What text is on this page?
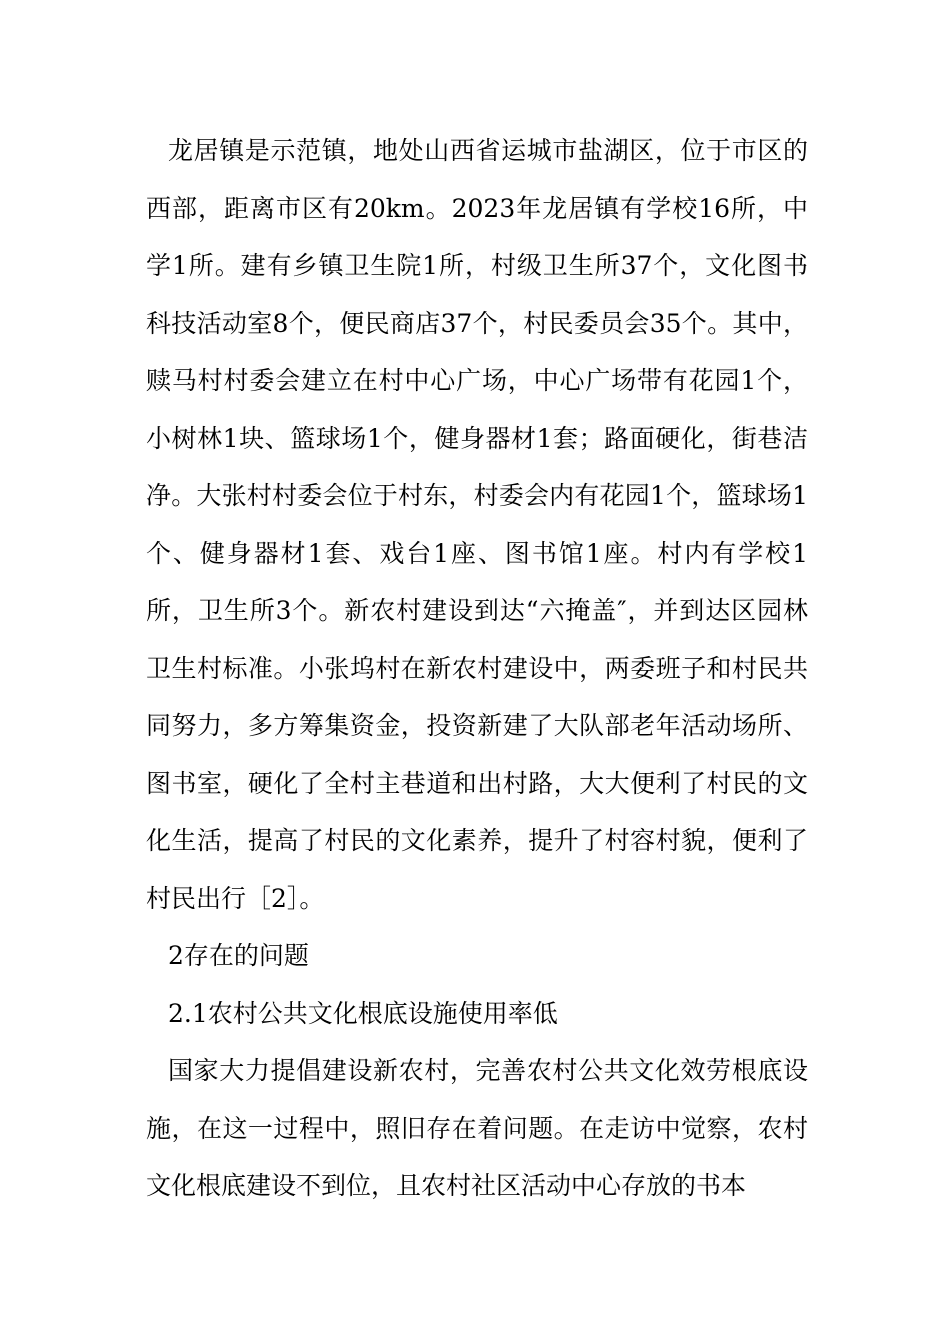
龙居镇是示范镇，地处山西省运城市盐湖区，位于市区的西部，距离市区有20km。2023年龙居镇有学校16所，中学1所。建有乡镇卫生院1所，村级卫生所37个，文化图书科技活动室8个，便民商店37个，村民委员会35个。其中，赎马村村委会建立在村中心广场，中心广场带有花园1个，小树林1块、篮球场1个，健身器材1套；路面硬化，街巷洁净。大张村村委会位于村东，村委会内有花园1个，篮球场1个、健身器材1套、戏台1座、图书馆1座。村内有学校1所，卫生所3个。新农村建设到达“六掩盖″，并到达区园林卫生村标准。小张坞村在新农村建设中，两委班子和村民共同努力，多方筹集资金，投资新建了大队部老年活动场所、图书室，硬化了全村主巷道和出村路，大大便利了村民的文化生活，提高了村民的文化素养，提升了村容村貌，便利了村民出行［2］。

2存在的问题

2.1农村公共文化根底设施使用率低

国家大力提倡建设新农村，完善农村公共文化效劳根底设施，在这一过程中，照旧存在着问题。在走访中觉察，农村文化根底建设不到位，且农村社区活动中心存放的书本
